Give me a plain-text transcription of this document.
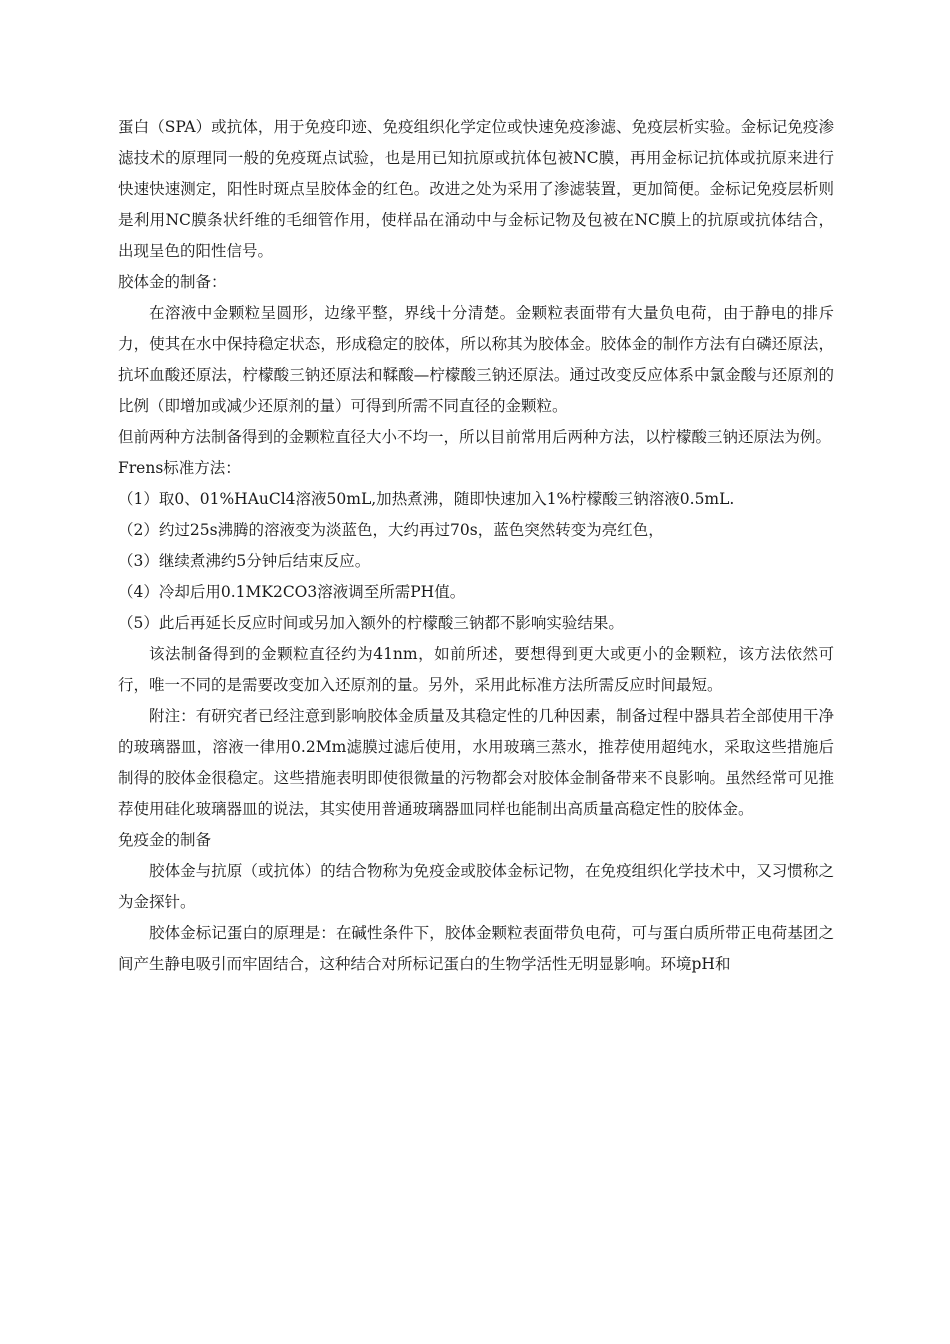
蛋白（SPA）或抗体，用于免疫印迹、免疫组织化学定位或快速免疫渗滤、免疫层析实验。金标记免疫渗滤技术的原理同一般的免疫斑点试验，也是用已知抗原或抗体包被NC膜，再用金标记抗体或抗原来进行快速快速测定，阳性时斑点呈胶体金的红色。改进之处为采用了渗滤装置，更加简便。金标记免疫层析则是利用NC膜条状纤维的毛细管作用，使样品在涌动中与金标记物及包被在NC膜上的抗原或抗体结合，出现呈色的阳性信号。

胶体金的制备：

在溶液中金颗粒呈圆形，边缘平整，界线十分清楚。金颗粒表面带有大量负电荷，由于静电的排斥力，使其在水中保持稳定状态，形成稳定的胶体，所以称其为胶体金。胶体金的制作方法有白磷还原法，抗坏血酸还原法，柠檬酸三钠还原法和鞣酸—柠檬酸三钠还原法。通过改变反应体系中氯金酸与还原剂的比例（即增加或减少还原剂的量）可得到所需不同直径的金颗粒。

但前两种方法制备得到的金颗粒直径大小不均一，所以目前常用后两种方法，以柠檬酸三钠还原法为例。

Frens标准方法：

（1）取0、01%HAuCl4溶液50mL,加热煮沸，随即快速加入1%柠檬酸三钠溶液0.5mL.

（2）约过25s沸腾的溶液变为淡蓝色，大约再过70s，蓝色突然转变为亮红色，

（3）继续煮沸约5分钟后结束反应。

（4）冷却后用0.1MK2CO3溶液调至所需PH值。

（5）此后再延长反应时间或另加入额外的柠檬酸三钠都不影响实验结果。

该法制备得到的金颗粒直径约为41nm，如前所述，要想得到更大或更小的金颗粒，该方法依然可行，唯一不同的是需要改变加入还原剂的量。另外，采用此标准方法所需反应时间最短。

附注：有研究者已经注意到影响胶体金质量及其稳定性的几种因素，制备过程中器具若全部使用干净的玻璃器皿，溶液一律用0.2Μm滤膜过滤后使用，水用玻璃三蒸水，推荐使用超纯水，采取这些措施后制得的胶体金很稳定。这些措施表明即使很微量的污物都会对胶体金制备带来不良影响。虽然经常可见推荐使用硅化玻璃器皿的说法，其实使用普通玻璃器皿同样也能制出高质量高稳定性的胶体金。

免疫金的制备

胶体金与抗原（或抗体）的结合物称为免疫金或胶体金标记物，在免疫组织化学技术中，又习惯称之为金探针。

胶体金标记蛋白的原理是：在碱性条件下，胶体金颗粒表面带负电荷，可与蛋白质所带正电荷基团之间产生静电吸引而牢固结合，这种结合对所标记蛋白的生物学活性无明显影响。环境pH和
